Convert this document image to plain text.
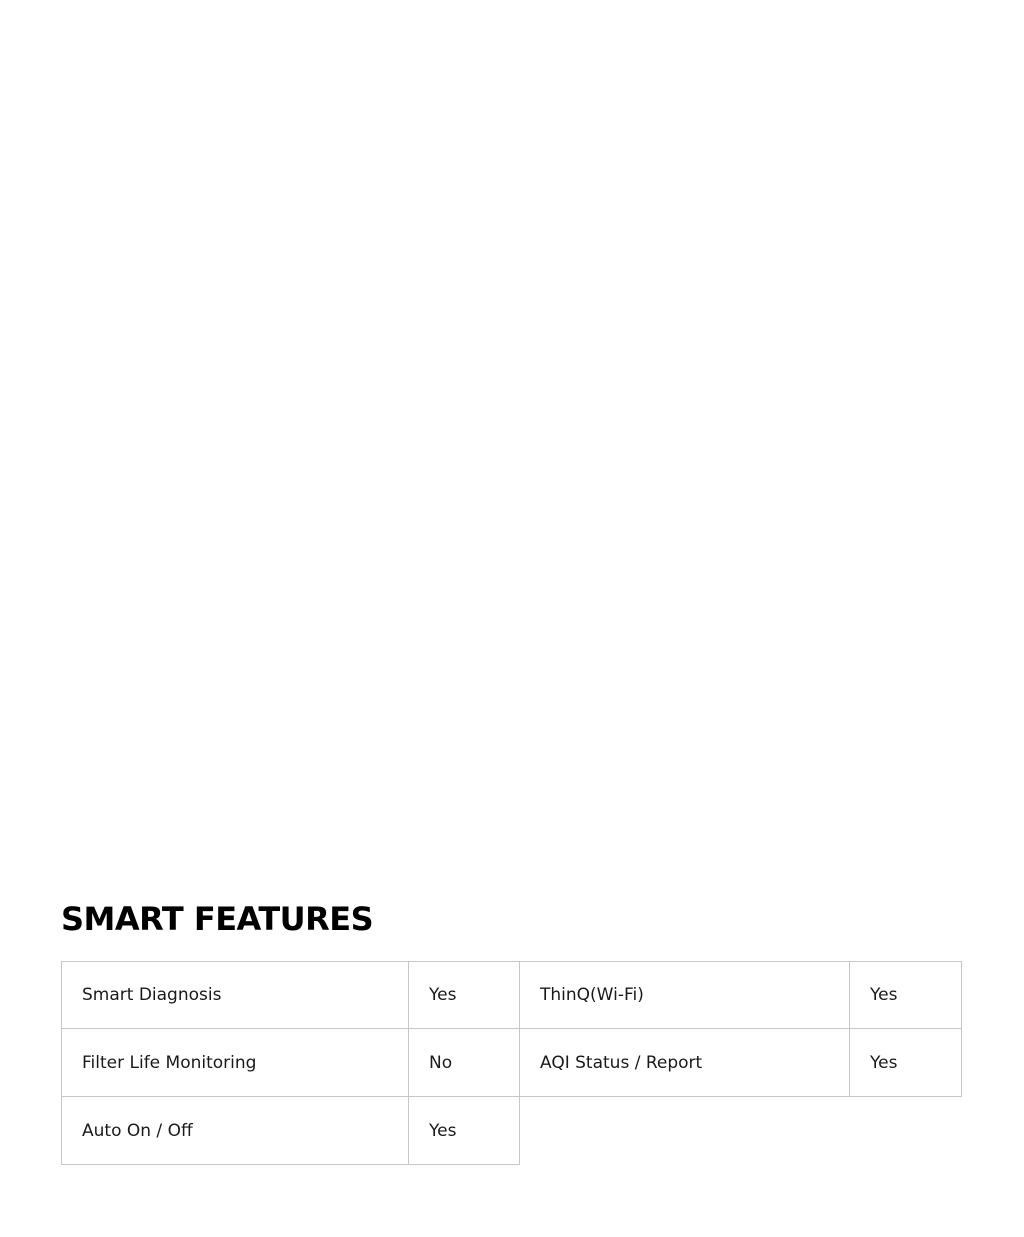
SMART FEATURES
Smart Diagnosis	Yes	ThinQ(Wi-Fi)	Yes
Filter Life Monitoring	No	AQI Status / Report	Yes
Auto On / Off	Yes
